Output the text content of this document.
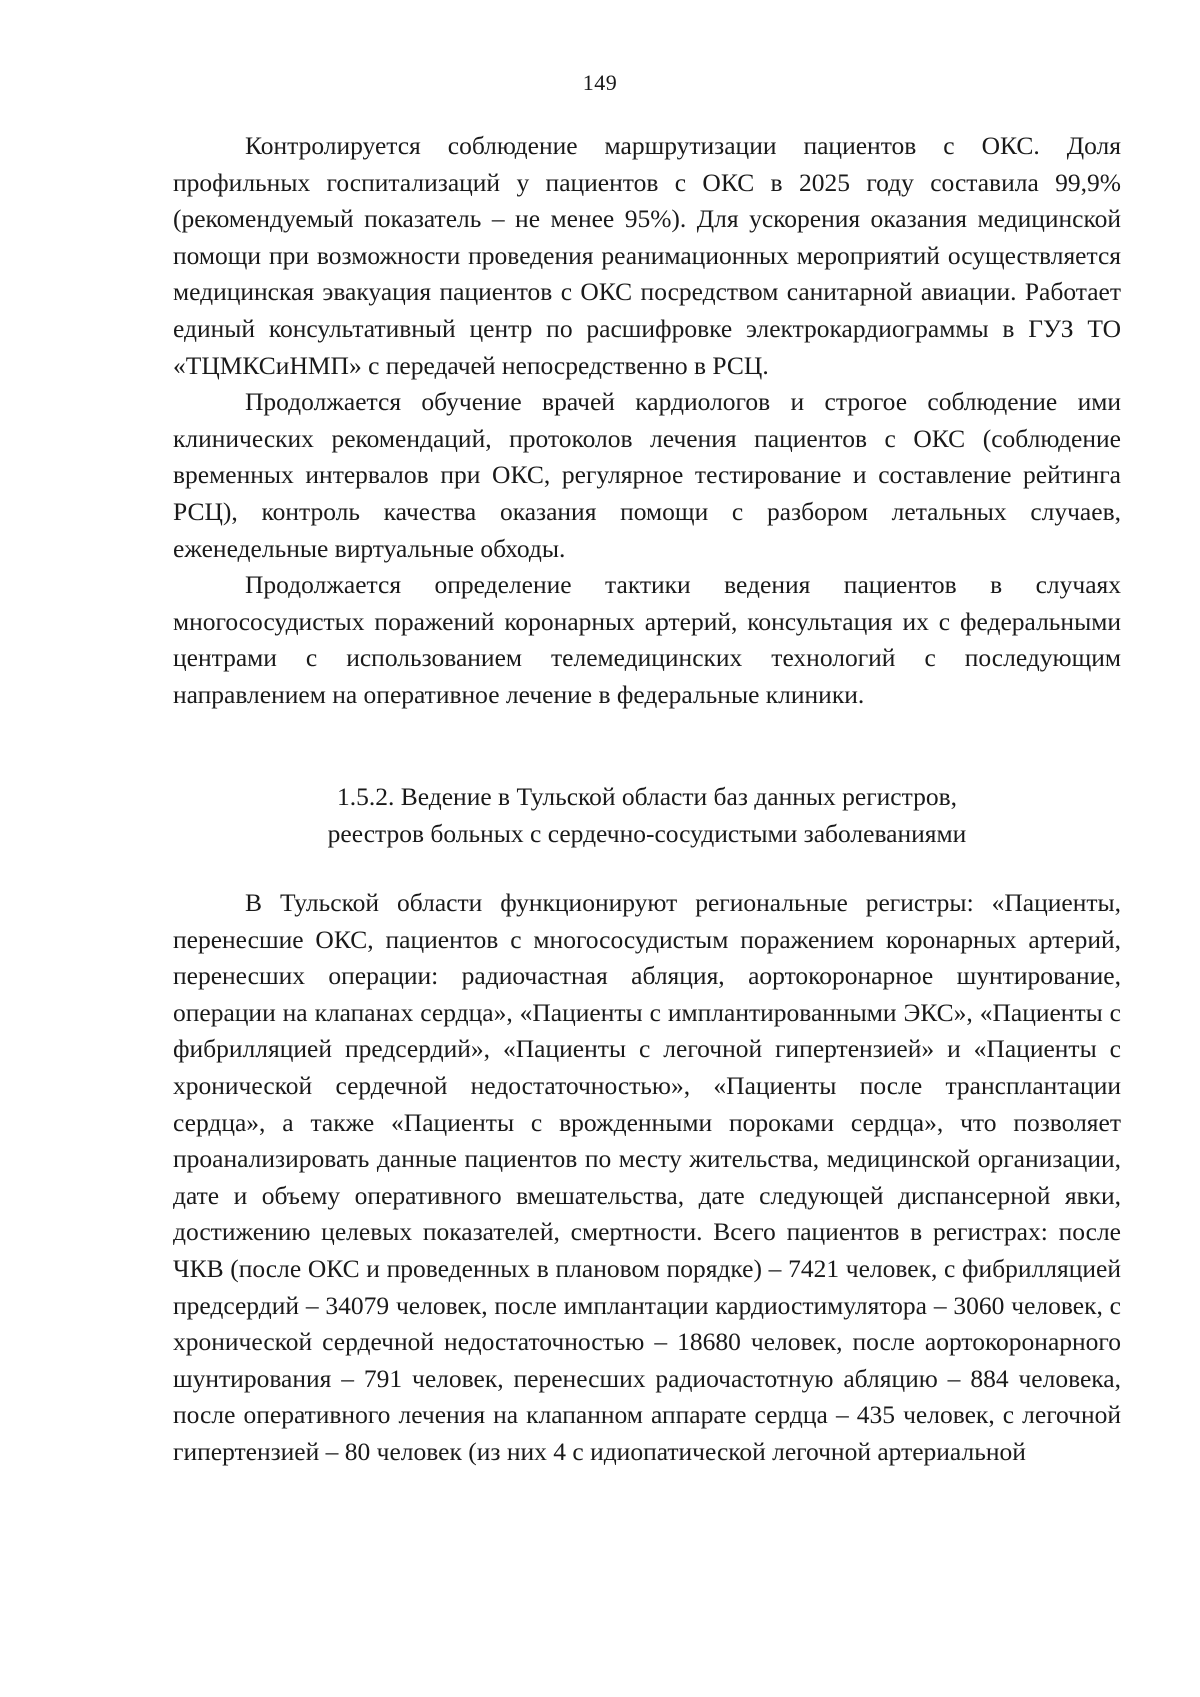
149

Контролируется соблюдение маршрутизации пациентов с ОКС. Доля профильных госпитализаций у пациентов с ОКС в 2025 году составила 99,9% (рекомендуемый показатель – не менее 95%). Для ускорения оказания медицинской помощи при возможности проведения реанимационных мероприятий осуществляется медицинская эвакуация пациентов с ОКС посредством санитарной авиации. Работает единый консультативный центр по расшифровке электрокардиограммы в ГУЗ ТО «ТЦМКСиНМП» с передачей непосредственно в РСЦ.

Продолжается обучение врачей кардиологов и строгое соблюдение ими клинических рекомендаций, протоколов лечения пациентов с ОКС (соблюдение временных интервалов при ОКС, регулярное тестирование и составление рейтинга РСЦ), контроль качества оказания помощи с разбором летальных случаев, еженедельные виртуальные обходы.

Продолжается определение тактики ведения пациентов в случаях многососудистых поражений коронарных артерий, консультация их с федеральными центрами с использованием телемедицинских технологий с последующим направлением на оперативное лечение в федеральные клиники.

1.5.2. Ведение в Тульской области баз данных регистров,
реестров больных с сердечно-сосудистыми заболеваниями

В Тульской области функционируют региональные регистры: «Пациенты, перенесшие ОКС, пациентов с многососудистым поражением коронарных артерий, перенесших операции: радиочастная абляция, аортокоронарное шунтирование, операции на клапанах сердца», «Пациенты с имплантированными ЭКС», «Пациенты с фибрилляцией предсердий», «Пациенты с легочной гипертензией» и «Пациенты с хронической сердечной недостаточностью», «Пациенты после трансплантации сердца», а также «Пациенты с врожденными пороками сердца», что позволяет проанализировать данные пациентов по месту жительства, медицинской организации, дате и объему оперативного вмешательства, дате следующей диспансерной явки, достижению целевых показателей, смертности. Всего пациентов в регистрах: после ЧКВ (после ОКС и проведенных в плановом порядке) – 7421 человек, с фибрилляцией предсердий – 34079 человек, после имплантации кардиостимулятора – 3060 человек, с хронической сердечной недостаточностью – 18680 человек, после аортокоронарного шунтирования – 791 человек, перенесших радиочастотную абляцию – 884 человека, после оперативного лечения на клапанном аппарате сердца – 435 человек, с легочной гипертензией – 80 человек (из них 4 с идиопатической легочной артериальной
